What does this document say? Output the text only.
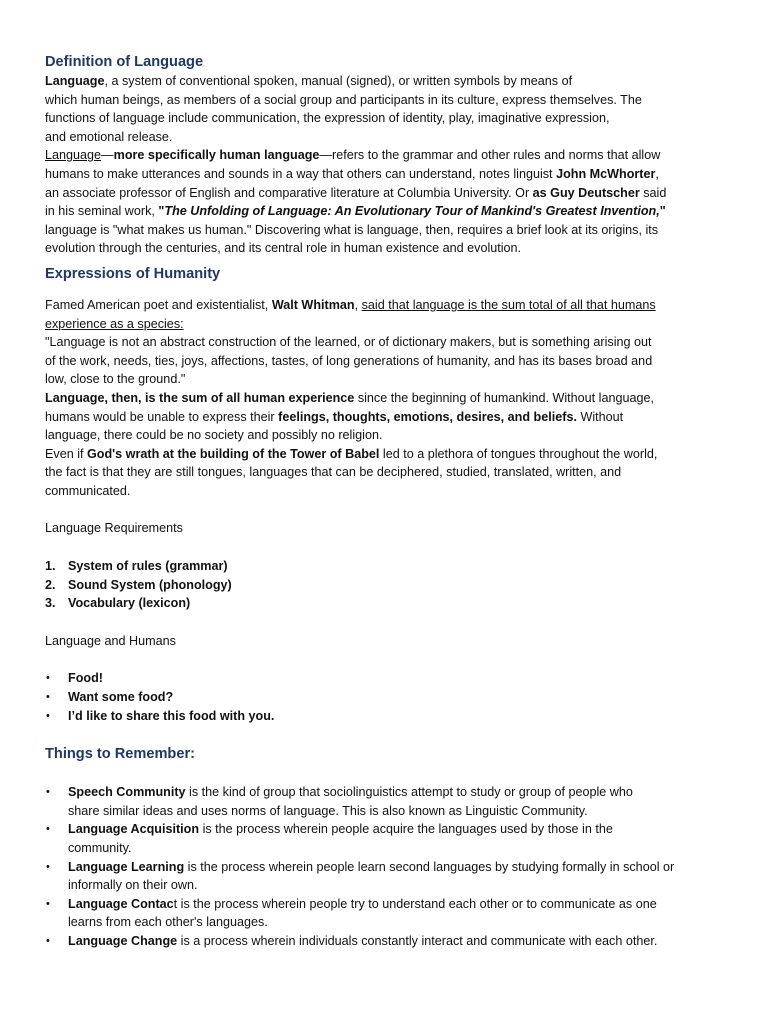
Definition of Language

Language, a system of conventional spoken, manual (signed), or written symbols by means of
which human beings, as members of a social group and participants in its culture, express themselves. The
functions of language include communication, the expression of identity, play, imaginative expression,
and emotional release.

Language—more specifically human language—refers to the grammar and other rules and norms that allow
humans to make utterances and sounds in a way that others can understand, notes linguist John McWhorter,
an associate professor of English and comparative literature at Columbia University. Or as Guy Deutscher said
in his seminal work, "The Unfolding of Language: An Evolutionary Tour of Mankind's Greatest Invention,"
language is "what makes us human." Discovering what is language, then, requires a brief look at its origins, its
evolution through the centuries, and its central role in human existence and evolution.

Expressions of Humanity

Famed American poet and existentialist, Walt Whitman, said that language is the sum total of all that humans
experience as a species:

"Language is not an abstract construction of the learned, or of dictionary makers, but is something arising out
of the work, needs, ties, joys, affections, tastes, of long generations of humanity, and has its bases broad and
low, close to the ground."

Language, then, is the sum of all human experience since the beginning of humankind. Without language,
humans would be unable to express their feelings, thoughts, emotions, desires, and beliefs. Without
language, there could be no society and possibly no religion.

Even if God's wrath at the building of the Tower of Babel led to a plethora of tongues throughout the world,
the fact is that they are still tongues, languages that can be deciphered, studied, translated, written, and
communicated.

Language Requirements

1. System of rules (grammar)
2. Sound System (phonology)
3. Vocabulary (lexicon)

Language and Humans

• Food!
• Want some food?
• I’d like to share this food with you.
Things to Remember:
• Speech Community is the kind of group that sociolinguistics attempt to study or group of people who
share similar ideas and uses norms of language. This is also known as Linguistic Community.
• Language Acquisition is the process wherein people acquire the languages used by those in the
community.
• Language Learning is the process wherein people learn second languages by studying formally in school or
informally on their own.
• Language Contact is the process wherein people try to understand each other or to communicate as one
learns from each other's languages.
• Language Change is a process wherein individuals constantly interact and communicate with each other.
